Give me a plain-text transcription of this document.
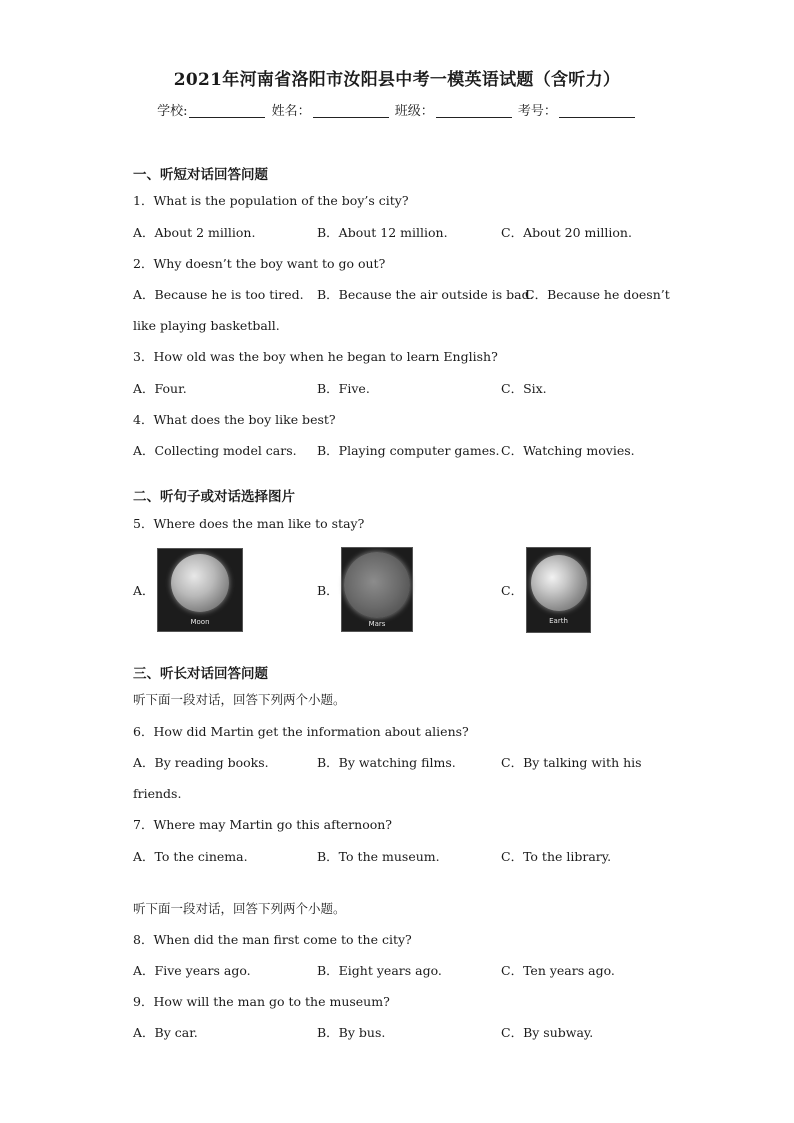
2021年河南省洛阳市汝阳县中考一模英语试题（含听力）
学校:	姓名：	班级：	考号：
一、听短对话回答问题
1．What is the population of the boy’s city?
A．About 2 million.	B．About 12 million.	C．About 20 million.
2．Why doesn’t the boy want to go out?
A．Because he is too tired. B．Because the air outside is bad.
C．Because he doesn’t
like playing basketball.
3．How old was the boy when he began to learn English?
A．Four.	B．Five.	C．Six.
4．What does the boy like best?
A．Collecting model cars. B．Playing computer games. C．Watching movies.
二、听句子或对话选择图片
5．Where does the man like to stay?
A．
Moon
B．
Mars
C．
Earth
三、听长对话回答问题
听下面一段对话，回答下列两个小题。
6．How did Martin get the information about aliens?
A．By reading books.	B．By watching films.	C．By talking with his
friends.
7．Where may Martin go this afternoon?
A．To the cinema.	B．To the museum.	C．To the library.
听下面一段对话，回答下列两个小题。
8．When did the man first come to the city?
A．Five years ago.	B．Eight years ago.	C．Ten years ago.
9．How will the man go to the museum?
A．By car.	B．By bus.	C．By subway.
